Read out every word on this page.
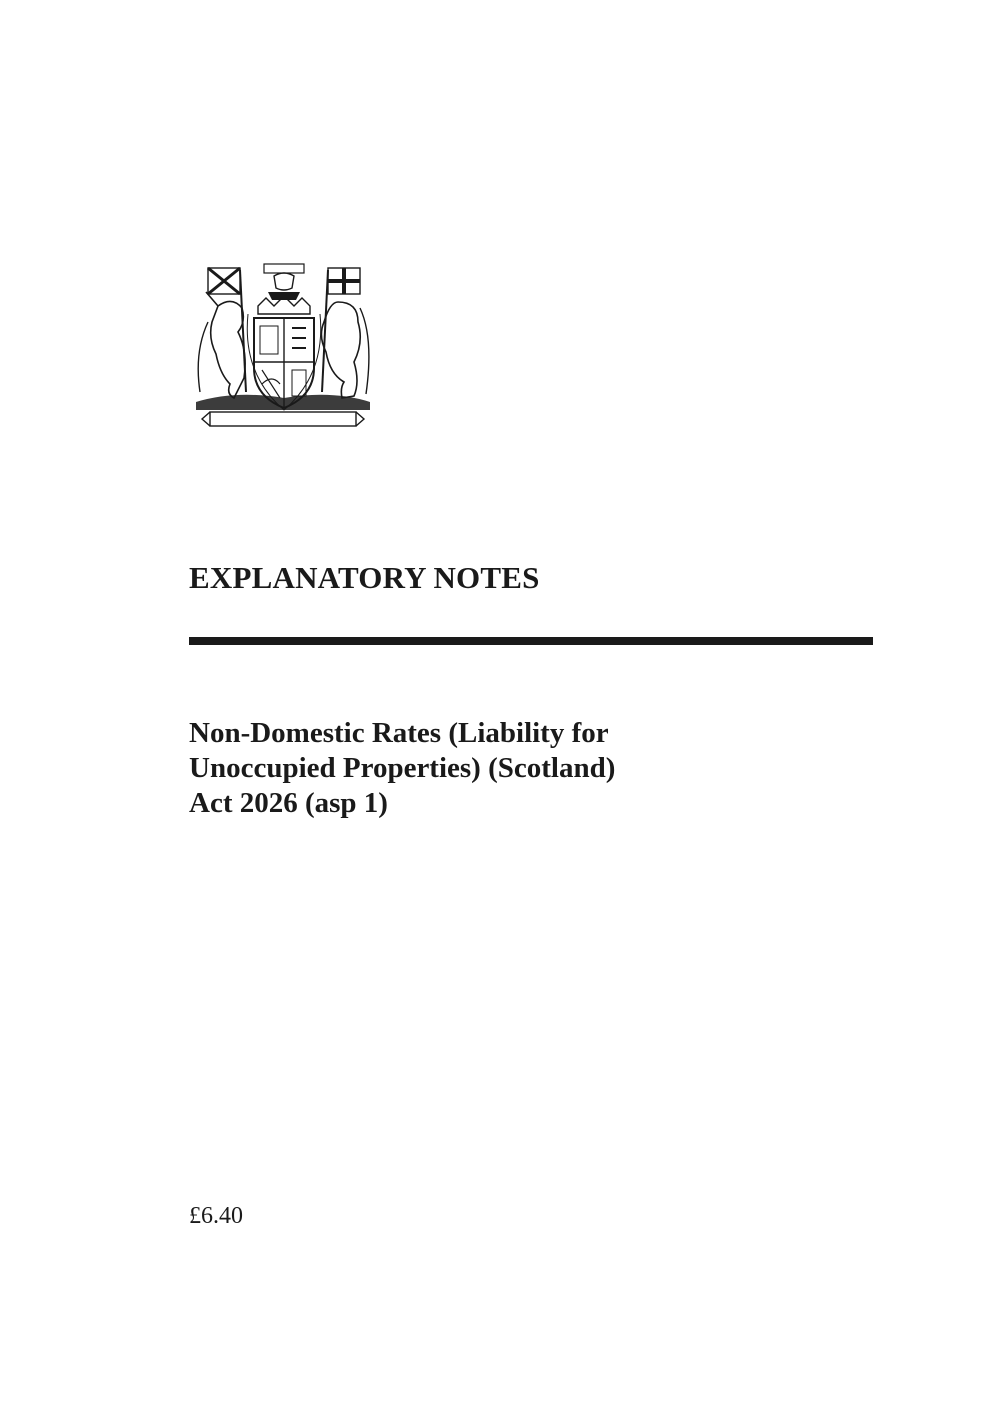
EXPLANATORY NOTES
Non-Domestic Rates (Liability for
Unoccupied Properties) (Scotland)
Act 2026 (asp 1)
£6.40
